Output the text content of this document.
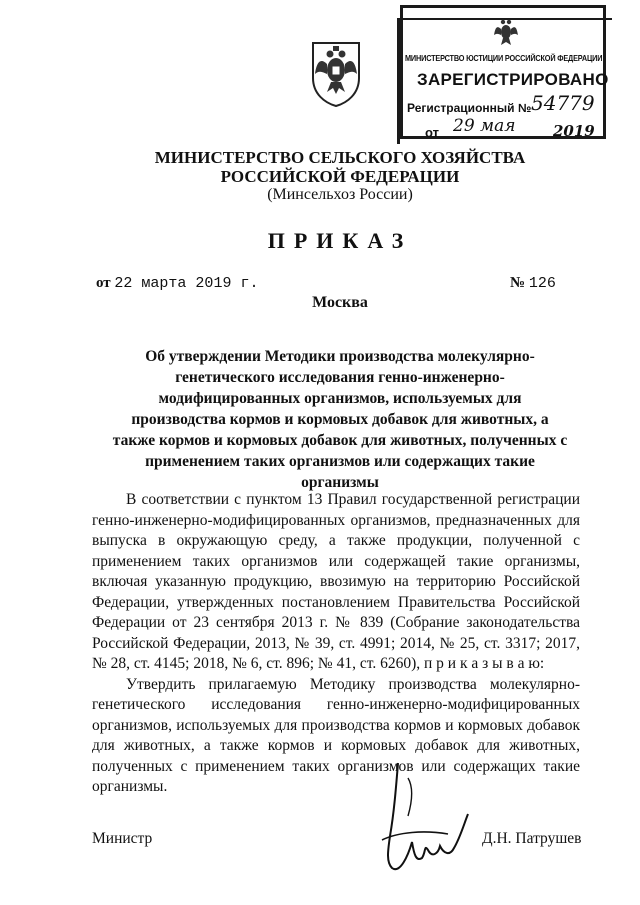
МИНИСТЕРСТВО ЮСТИЦИИ РОССИЙСКОЙ ФЕДЕРАЦИИ
ЗАРЕГИСТРИРОВАНО
Регистрационный № 54779
от 29 мая 2019
МИНИСТЕРСТВО СЕЛЬСКОГО ХОЗЯЙСТВА
РОССИЙСКОЙ ФЕДЕРАЦИИ
(Минсельхоз России)
ПРИКАЗ
от 22 марта 2019 г.	№ 126
Москва
Об утверждении Методики производства молекулярно-генетического исследования генно-инженерно-модифицированных организмов, используемых для производства кормов и кормовых добавок для животных, а также кормов и кормовых добавок для животных, полученных с применением таких организмов или содержащих такие организмы

В соответствии с пунктом 13 Правил государственной регистрации генно-инженерно-модифицированных организмов, предназначенных для выпуска в окружающую среду, а также продукции, полученной с применением таких организмов или содержащей такие организмы, включая указанную продукцию, ввозимую на территорию Российской Федерации, утвержденных постановлением Правительства Российской Федерации от 23 сентября 2013 г. № 839 (Собрание законодательства Российской Федерации, 2013, № 39, ст. 4991; 2014, № 25, ст. 3317; 2017, № 28, ст. 4145; 2018, № 6, ст. 896; № 41, ст. 6260), п р и к а з ы в а ю:

Утвердить прилагаемую Методику производства молекулярно-генетического исследования генно-инженерно-модифицированных организмов, используемых для производства кормов и кормовых добавок для животных, а также кормов и кормовых добавок для животных, полученных с применением таких организмов или содержащих такие организмы.

Министр	Д.Н. Патрушев
